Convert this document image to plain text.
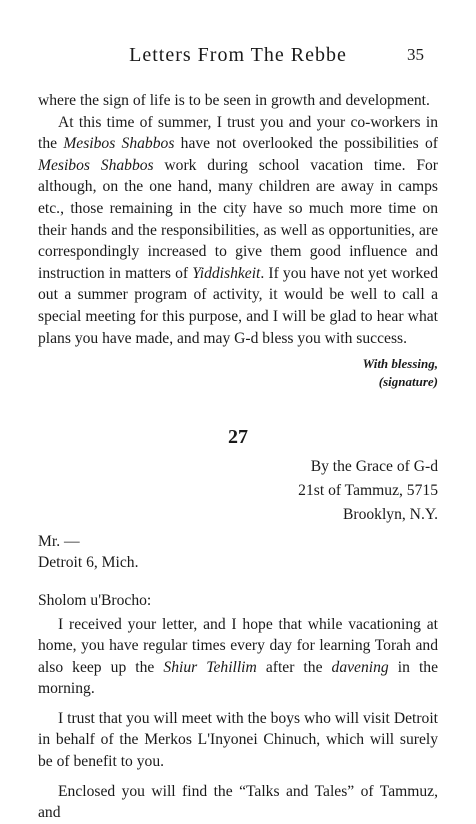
Letters From The Rebbe	35

where the sign of life is to be seen in growth and development.

At this time of summer, I trust you and your co-workers in the Mesibos Shabbos have not overlooked the possibilities of Mesibos Shabbos work during school vacation time. For although, on the one hand, many children are away in camps etc., those remaining in the city have so much more time on their hands and the responsibilities, as well as opportunities, are correspondingly increased to give them good influence and instruction in matters of Yiddishkeit. If you have not yet worked out a summer program of activity, it would be well to call a special meeting for this purpose, and I will be glad to hear what plans you have made, and may G-d bless you with success.

With blessing,
(signature)

27

By the Grace of G-d
21st of Tammuz, 5715
Brooklyn, N.Y.

Mr. —
Detroit 6, Mich.

Sholom u'Brocho:

I received your letter, and I hope that while vacationing at home, you have regular times every day for learning Torah and also keep up the Shiur Tehillim after the davening in the morning.

I trust that you will meet with the boys who will visit Detroit in behalf of the Merkos L'Inyonei Chinuch, which will surely be of benefit to you.

Enclosed you will find the “Talks and Tales” of Tammuz, and
